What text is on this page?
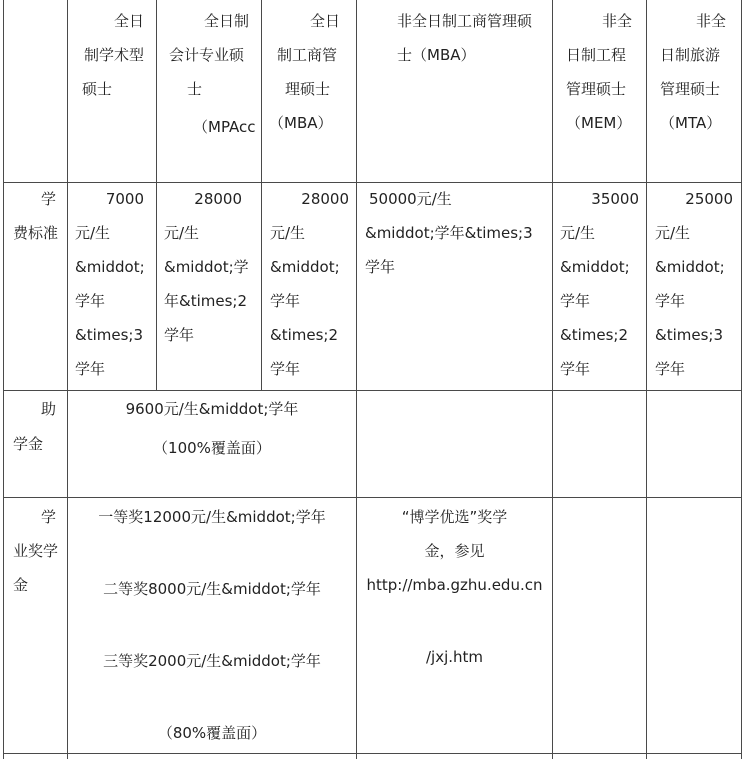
全日
制学术型
硕士
全日制
会计专业硕
士
（MPAcc
全日
制工商管
理硕士
（MBA）
非全日制工商管理硕
士（MBA）
非全
日制工程
管理硕士
（MEM）
非全
日制旅游
管理硕士
（MTA）
学
费标准
7000
元/生
&middot;
学年
&times;3
学年
28000
元/生
&middot;学
年&times;2
学年
28000
元/生
&middot;
学年
&times;2
学年
50000元/生
&middot;学年&times;3
学年
35000
元/生
&middot;
学年
&times;2
学年
25000
元/生
&middot;
学年
&times;3
学年
助
学金
9600元/生&middot;学年
（100%覆盖面）
学
业奖学
金
一等奖12000元/生&middot;学年
二等奖8000元/生&middot;学年
三等奖2000元/生&middot;学年
（80%覆盖面）
“博学优选”奖学
金，参见
http://mba.gzhu.edu.cn
/jxj.htm
